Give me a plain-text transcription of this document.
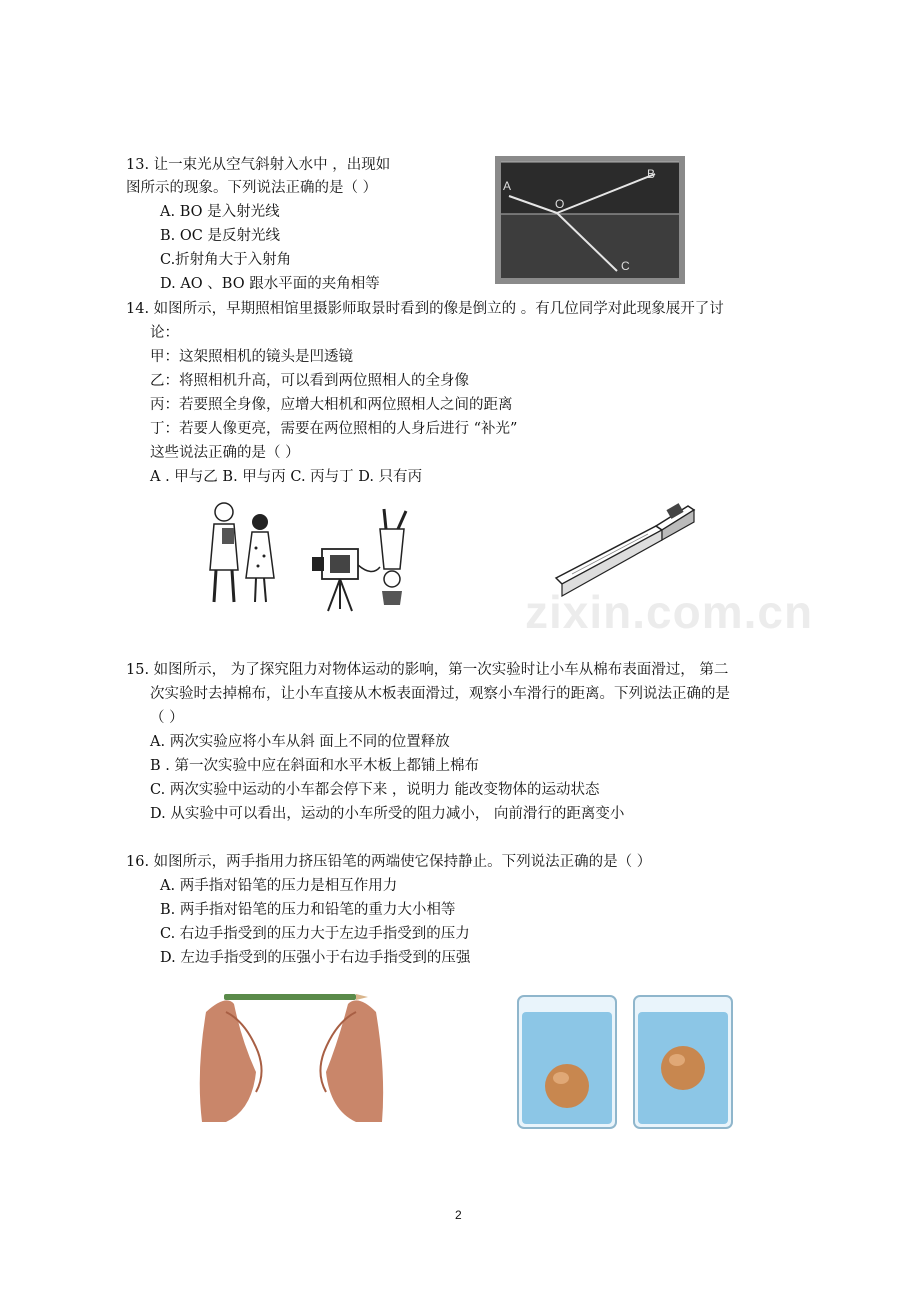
13. 让一束光从空气斜射入水中 ，出现如
图所示的现象。下列说法正确的是（ ）
A. BO 是入射光线
B. OC 是反射光线
C.折射角大于入射角
D. AO 、BO 跟水平面的夹角相等
A
B
O
C
14. 如图所示，早期照相馆里摄影师取景时看到的像是倒立的 。有几位同学对此现象展开了讨
论：
甲：这架照相机的镜头是凹透镜
乙：将照相机升高，可以看到两位照相人的全身像
丙：若要照全身像，应增大相机和两位照相人之间的距离
丁：若要人像更亮，需要在两位照相的人身后进行 “补光”
这些说法正确的是（ ）
A . 甲与乙 B. 甲与丙 C. 丙与丁 D. 只有丙
zixin.com.cn
15. 如图所示， 为了探究阻力对物体运动的影响，第一次实验时让小车从棉布表面滑过， 第二
次实验时去掉棉布，让小车直接从木板表面滑过，观察小车滑行的距离。下列说法正确的是
（ ）
A. 两次实验应将小车从斜 面上不同的位置释放
B . 第一次实验中应在斜面和水平木板上都铺上棉布
C. 两次实验中运动的小车都会停下来 ，说明力 能改变物体的运动状态
D. 从实验中可以看出，运动的小车所受的阻力减小， 向前滑行的距离变小
16. 如图所示，两手指用力挤压铅笔的两端使它保持静止。下列说法正确的是（ ）
A. 两手指对铅笔的压力是相互作用力
B. 两手指对铅笔的压力和铅笔的重力大小相等
C. 右边手指受到的压力大于左边手指受到的压力
D. 左边手指受到的压强小于右边手指受到的压强
2
